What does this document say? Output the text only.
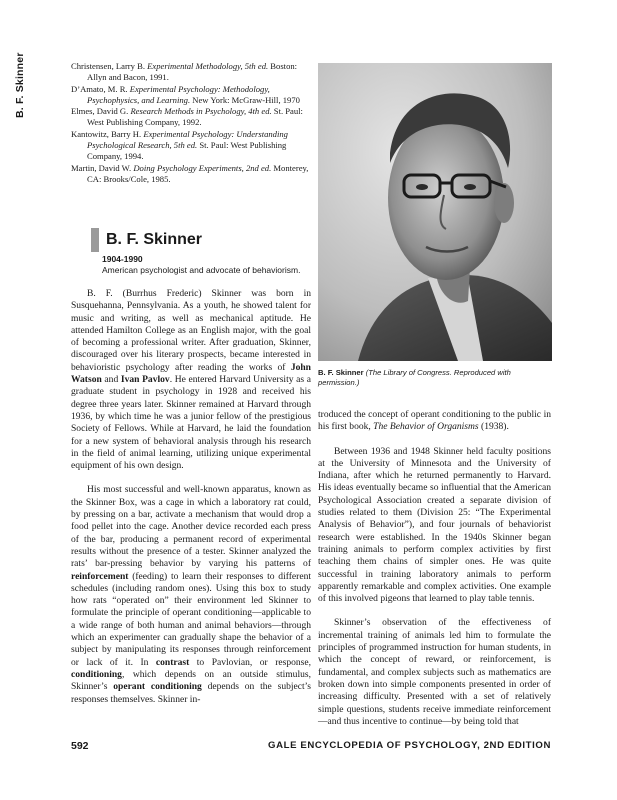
B. F. Skinner	Christensen, Larry B. Experimental Methodology, 5th ed. Boston: Allyn and Bacon, 1991.

D’Amato, M. R. Experimental Psychology: Methodology, Psychophysics, and Learning. New York: McGraw-Hill, 1970

Elmes, David G. Research Methods in Psychology, 4th ed. St. Paul: West Publishing Company, 1992.

Kantowitz, Barry H. Experimental Psychology: Understanding Psychological Research, 5th ed. St. Paul: West Publishing Company, 1994.

Martin, David W. Doing Psychology Experiments, 2nd ed. Monterey, CA: Brooks/Cole, 1985.

B. F. Skinner

1904-1990

American psychologist and advocate of behaviorism.

B. F. (Burrhus Frederic) Skinner was born in Susquehanna, Pennsylvania. As a youth, he showed talent for music and writing, as well as mechanical aptitude. He attended Hamilton College as an English major, with the goal of becoming a professional writer. After graduation, Skinner, discouraged over his literary prospects, became interested in behavioristic psychology after reading the works of John Watson and Ivan Pavlov. He entered Harvard University as a graduate student in psychology in 1928 and received his degree three years later. Skinner remained at Harvard through 1936, by which time he was a junior fellow of the prestigious Society of Fellows. While at Harvard, he laid the foundation for a new system of behavioral analysis through his research in the field of animal learning, utilizing unique experimental equipment of his own design.

His most successful and well-known apparatus, known as the Skinner Box, was a cage in which a laboratory rat could, by pressing on a bar, activate a mechanism that would drop a food pellet into the cage. Another device recorded each press of the bar, producing a permanent record of experimental results without the presence of a tester. Skinner analyzed the rats’ bar-pressing behavior by varying his patterns of reinforcement (feeding) to learn their responses to different schedules (including random ones). Using this box to study how rats “operated on” their environment led Skinner to formulate the principle of operant conditioning—applicable to a wide range of both human and animal behaviors—through which an experimenter can gradually shape the behavior of a subject by manipulating its responses through reinforcement or lack of it. In contrast to Pavlovian, or response, conditioning, which depends on an outside stimulus, Skinner’s operant conditioning depends on the subject’s responses themselves. Skinner in-

B. F. Skinner (The Library of Congress. Reproduced with permission.)

troduced the concept of operant conditioning to the public in his first book, The Behavior of Organisms (1938).

Between 1936 and 1948 Skinner held faculty positions at the University of Minnesota and the University of Indiana, after which he returned permanently to Harvard. His ideas eventually became so influential that the American Psychological Association created a separate division of studies related to them (Division 25: “The Experimental Analysis of Behavior”), and four journals of behaviorist research were established. In the 1940s Skinner began training animals to perform complex activities by first teaching them chains of simpler ones. He was quite successful in training laboratory animals to perform apparently remarkable and complex activities. One example of this involved pigeons that learned to play table tennis.

Skinner’s observation of the effectiveness of incremental training of animals led him to formulate the principles of programmed instruction for human students, in which the concept of reward, or reinforcement, is fundamental, and complex subjects such as mathematics are broken down into simple components presented in order of increasing difficulty. Presented with a set of relatively simple questions, students receive immediate reinforcement—and thus incentive to continue—by being told that

592	GALE ENCYCLOPEDIA OF PSYCHOLOGY, 2ND EDITION
